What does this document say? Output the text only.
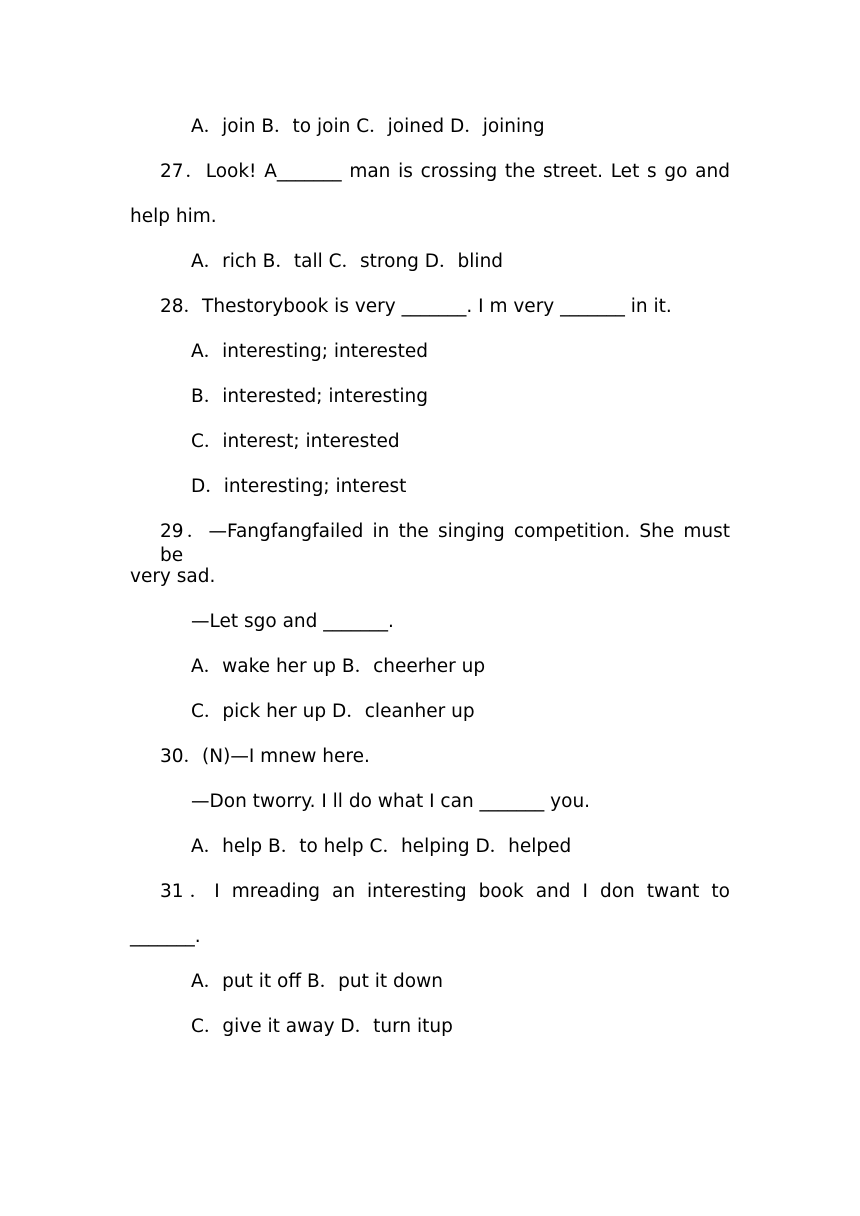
A．join B．to join C．joined D．joining
27．Look! A_______ man is crossing the street. Let s go and
help him.
A．rich B．tall C．strong D．blind
28．Thestorybook is very _______. I m very _______ in it.
A．interesting; interested
B．interested; interesting
C．interest; interested
D．interesting; interest
29．—Fangfangfailed in the singing competition. She must be
very sad.
—Let sgo and _______.
A．wake her up B．cheerher up
C．pick her up D．cleanher up
30．(N)—I mnew here.
—Don tworry. I ll do what I can _______ you.
A．help B．to help C．helping D．helped
31．I mreading an interesting book and I don twant to
_______.
A．put it off B．put it down
C．give it away D．turn itup
